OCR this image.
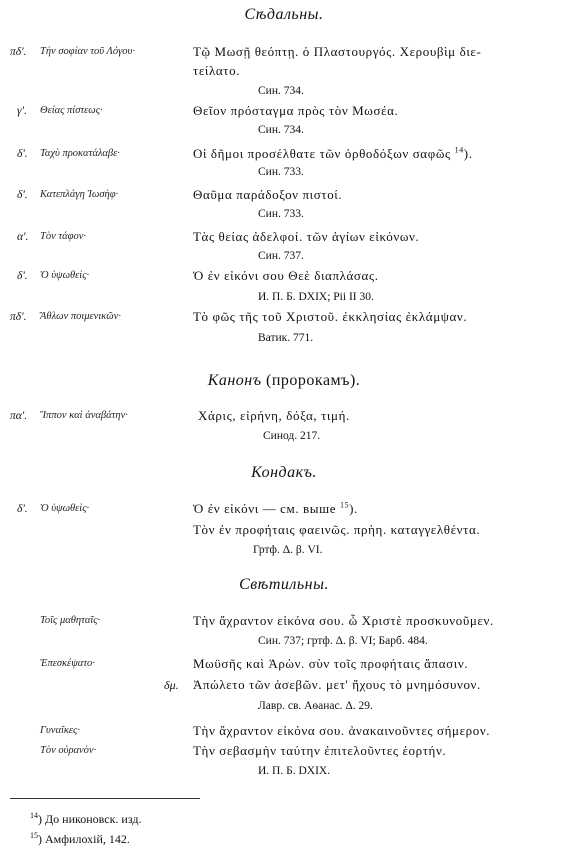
Сѣдальны.
πδ'. Τὴν σοφίαν τοῦ Λόγου·	Τῷ Μωσῇ θεόπτῃ. ὁ Πλαστουργός. Χερουβὶμ διε-
τείλατο.
Син. 734.
γ'. Θείας πίστεως·	Θεῖον πρόσταγμα πρὸς τὸν Μωσέα.
Син. 734.
δ'. Ταχὺ προκατάλαβε·	Οἱ δῆμοι προσέλθατε τῶν ὀρθοδόξων σαφῶς $^{14}$).
Син. 733.
δ'. Κατεπλάγη Ἰωσὴφ·	Θαῦμα παράδοξον πιστοί.
Син. 733.
α'. Τὸν τάφον·	Τὰς θείας ἀδελφοί. τῶν ἁγίων εἰκόνων.
Син. 737.
δ'. Ὁ ὑψωθεὶς·	Ὁ ἐν εἰκόνι σου Θεὲ διαπλάσας.
И. П. Б. DXIX; Pii II 30.
πδ'. Ἄθλων ποιμενικῶν·	Τὸ φῶς τῆς τοῦ Χριστοῦ. ἐκκλησίας ἐκλάμψαν.
Ватик. 771.
Канонъ (пророкамъ).
πα'. Ἵππον καὶ ἀναβάτην·	Χάρις, εἰρήνη, δόξα, τιμή.
Синод. 217.
Кондакъ.
δ'. Ὁ ὑψωθεὶς·	Ὁ ἐν εἰκόνι — см. выше $^{15}$).
Τὸν ἐν προφήταις φαεινῶς. πρὴη. καταγγελθέντα.
Гртф. Δ. β. VI.
Свѣтильны.
Τοῖς μαθηταῖς·	Τὴν ἄχραντον εἰκόνα σου. ὦ Χριστὲ προσκυνοῦμεν.
Син. 737; гртф. Δ. β. VI; Барб. 484.
Ἐπεσκέψατο·	Μωϋσῆς καὶ Ἀρὼν. σὺν τοῖς προφήταις ἅπασιν.
δμ. Ἀπώλετο τῶν ἀσεβῶν. μετ' ἤχους τὸ μνημόσυνον.
Лавр. св. Аѳанас. Δ. 29.
Γυναῖκες·	Τὴν ἄχραντον εἰκόνα σου. ἀνακαινοῦντες σήμερον.
Τὸν οὐρανὸν·	Τὴν σεβασμὴν ταύτην ἐπιτελοῦντες ἑορτήν.
И. П. Б. DXIX.
$^{14}$) До никоновск. изд.
$^{15}$) Амфилохій, 142.
